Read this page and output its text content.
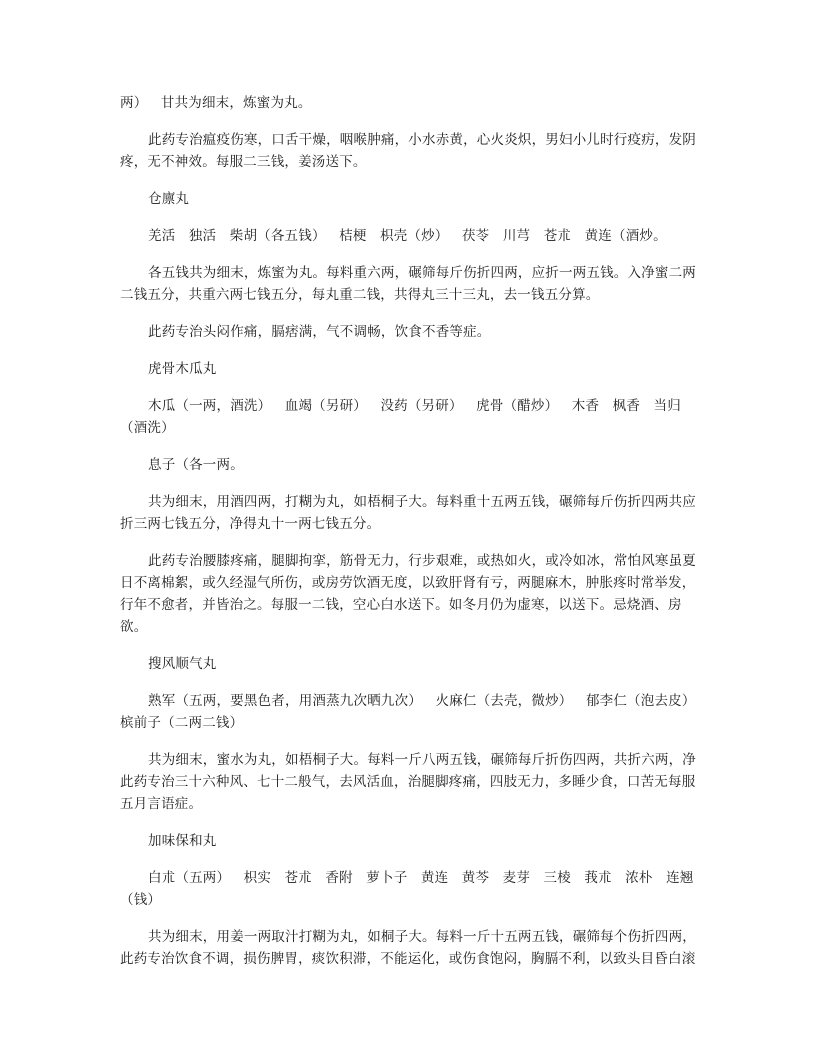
两）   甘共为细末，炼蜜为丸。

此药专治瘟疫伤寒，口舌干燥，咽喉肿痛，小水赤黄，心火炎炽，男妇小儿时行疫疠，发阴疼，无不神效。每服二三钱，姜汤送下。

仓廪丸

羌活   独活   柴胡（各五钱）   桔梗   枳壳（炒）   茯苓   川芎   苍朮   黄连（酒炒。

各五钱共为细末，炼蜜为丸。每料重六两，碾筛每斤伤折四两，应折一两五钱。入净蜜二两二钱五分，共重六两七钱五分，每丸重二钱，共得丸三十三丸，去一钱五分算。

此药专治头闷作痛，膈痞满，气不调畅，饮食不香等症。

虎骨木瓜丸

木瓜（一两，酒洗）   血竭（另研）   没药（另研）   虎骨（醋炒）   木香   枫香   当归（酒洗）

息子（各一两。

共为细末，用酒四两，打糊为丸，如梧桐子大。每料重十五两五钱，碾筛每斤伤折四两共应折三两七钱五分，净得丸十一两七钱五分。

此药专治腰膝疼痛，腿脚拘挛，筋骨无力，行步艰难，或热如火，或冷如冰，常怕风寒虽夏日不离棉絮，或久经湿气所伤，或房劳饮酒无度，以致肝肾有亏，两腿麻木，肿胀疼时常举发，行年不愈者，并皆治之。每服一二钱，空心白水送下。如冬月仍为虚寒，以送下。忌烧酒、房欲。

搜风顺气丸

熟军（五两，要黑色者，用酒蒸九次晒九次）   火麻仁（去壳，微炒）   郁李仁（泡去皮）槟前子（二两二钱）

共为细末，蜜水为丸，如梧桐子大。每料一斤八两五钱，碾筛每斤折伤四两，共折六两，净此药专治三十六种风、七十二般气，去风活血，治腿脚疼痛，四肢无力，多睡少食，口苦无每服五月言语症。

加味保和丸

白朮（五两）   枳实   苍朮   香附   萝卜子   黄连   黄芩   麦芽   三棱   莪朮   浓朴   连翘（钱）

共为细末，用姜一两取汁打糊为丸，如桐子大。每料一斤十五两五钱，碾筛每个伤折四两，此药专治饮食不调，损伤脾胃，痰饮积滞，不能运化，或伤食饱闷，胸膈不利，以致头目昏白滚
